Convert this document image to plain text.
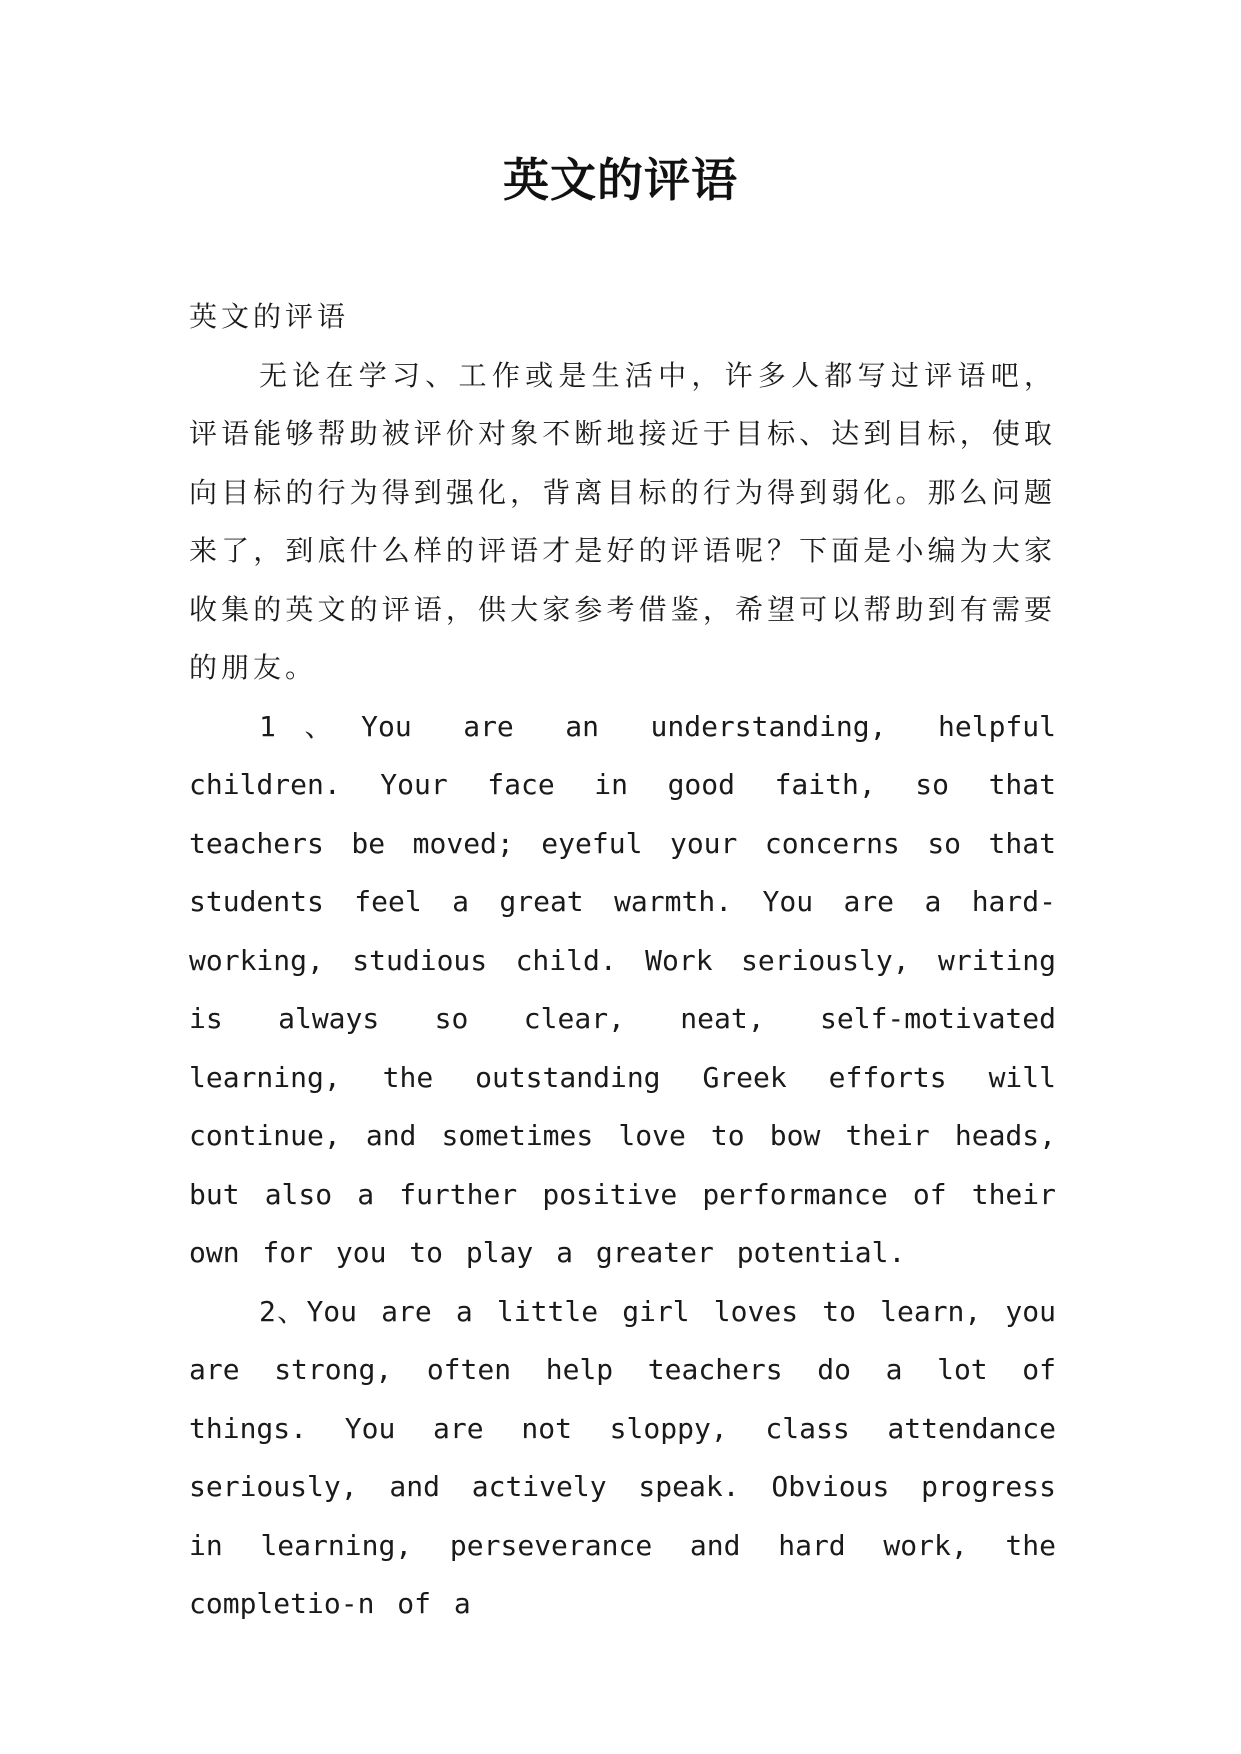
英文的评语

英文的评语

无论在学习、工作或是生活中，许多人都写过评语吧，评语能够帮助被评价对象不断地接近于目标、达到目标，使取向目标的行为得到强化，背离目标的行为得到弱化。那么问题来了，到底什么样的评语才是好的评语呢？下面是小编为大家收集的英文的评语，供大家参考借鉴，希望可以帮助到有需要的朋友。

1、You are an understanding, helpful children. Your face in good faith, so that teachers be moved; eyeful your concerns so that students feel a great warmth. You are a hard-working, studious child. Work seriously, writing is always so clear, neat, self-motivated learning, the outstanding Greek efforts will continue, and sometimes love to bow their heads, but also a further positive performance of their own for you to play a greater potential.

2、You are a little girl loves to learn, you are strong, often help teachers do a lot of things. You are not sloppy, class attendance seriously, and actively speak. Obvious progress in learning, perseverance and hard work, the completio-n of a
